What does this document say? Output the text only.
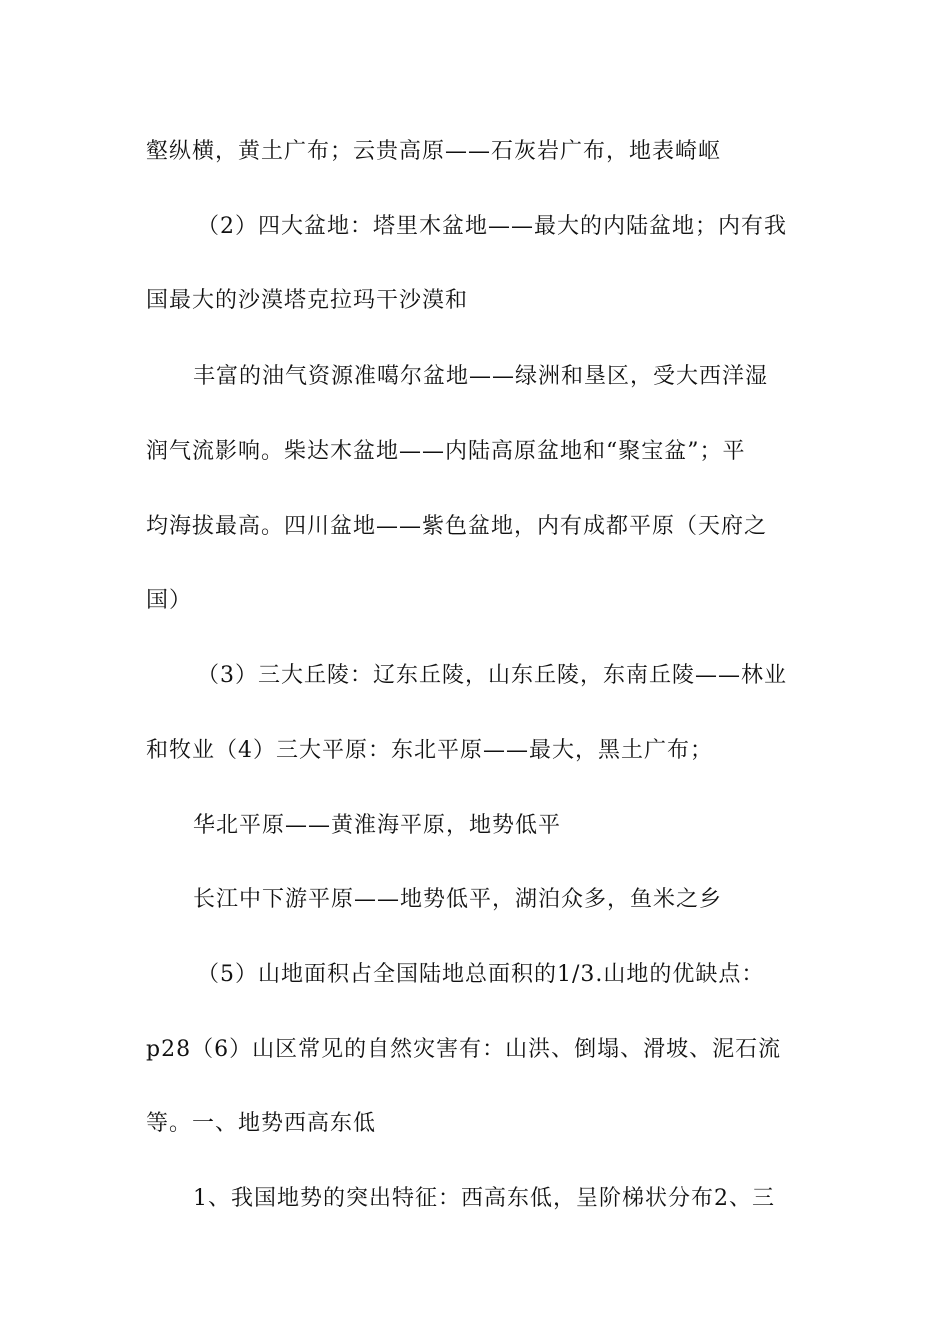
壑纵横，黄土广布；云贵高原——石灰岩广布，地表崎岖
（2）四大盆地：塔里木盆地——最大的内陆盆地；内有我
国最大的沙漠塔克拉玛干沙漠和
丰富的油气资源准噶尔盆地——绿洲和垦区，受大西洋湿
润气流影响。柴达木盆地——内陆高原盆地和“聚宝盆”；平
均海拔最高。四川盆地——紫色盆地，内有成都平原（天府之
国）
（3）三大丘陵：辽东丘陵，山东丘陵，东南丘陵——林业
和牧业（4）三大平原：东北平原——最大，黑土广布；
华北平原——黄淮海平原，地势低平
长江中下游平原——地势低平，湖泊众多，鱼米之乡
（5）山地面积占全国陆地总面积的1/3.山地的优缺点：
p28（6）山区常见的自然灾害有：山洪、倒塌、滑坡、泥石流
等。一、地势西高东低
1、我国地势的突出特征：西高东低，呈阶梯状分布2、三
